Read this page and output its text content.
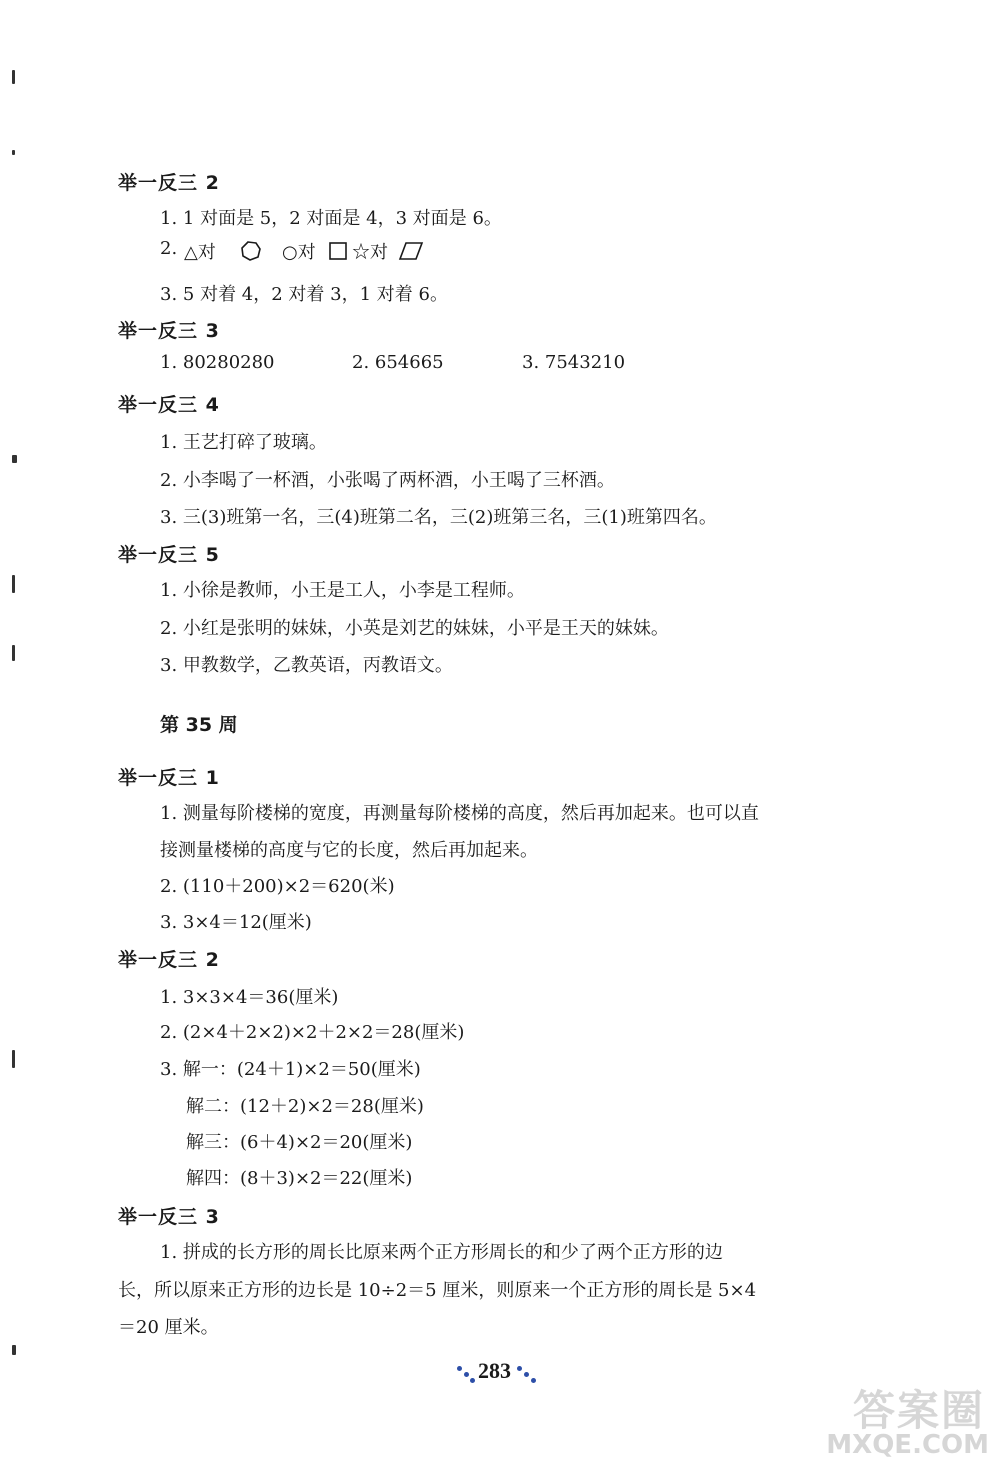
举一反三 2
1. 1 对面是 5，2 对面是 4，3 对面是 6。
2. △对	○对 ☆对
3. 5 对着 4，2 对着 3，1 对着 6。
举一反三 3
1. 80280280	2. 654665	3. 7543210
举一反三 4
1. 王艺打碎了玻璃。
2. 小李喝了一杯酒，小张喝了两杯酒，小王喝了三杯酒。
3. 三(3)班第一名，三(4)班第二名，三(2)班第三名，三(1)班第四名。
举一反三 5
1. 小徐是教师，小王是工人，小李是工程师。
2. 小红是张明的妹妹，小英是刘艺的妹妹，小平是王天的妹妹。
3. 甲教数学，乙教英语，丙教语文。
第 35 周
举一反三 1
1. 测量每阶楼梯的宽度，再测量每阶楼梯的高度，然后再加起来。也可以直
接测量楼梯的高度与它的长度，然后再加起来。
2. (110＋200)×2＝620(米)
3. 3×4＝12(厘米)
举一反三 2
1. 3×3×4＝36(厘米)
2. (2×4＋2×2)×2＋2×2＝28(厘米)
3. 解一：(24＋1)×2＝50(厘米)
解二：(12＋2)×2＝28(厘米)
解三：(6＋4)×2＝20(厘米)
解四：(8＋3)×2＝22(厘米)
举一反三 3
1. 拼成的长方形的周长比原来两个正方形周长的和少了两个正方形的边
长，所以原来正方形的边长是 10÷2＝5 厘米，则原来一个正方形的周长是 5×4
＝20 厘米。
283
答案圈
MXQE.COM
